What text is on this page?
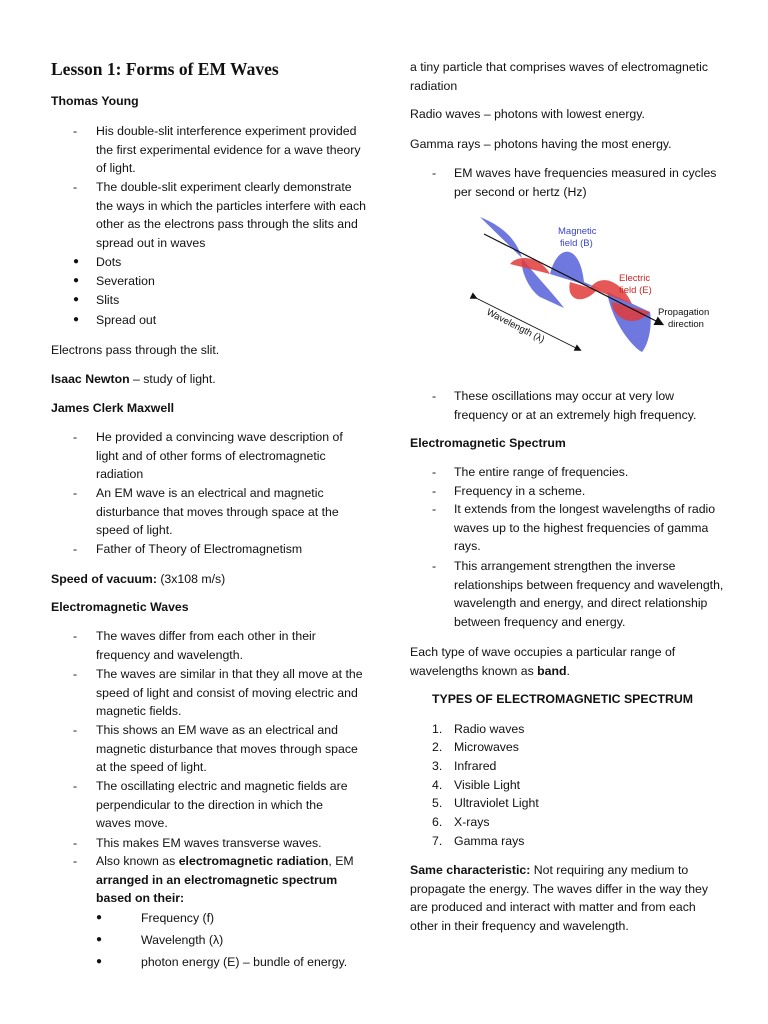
Lesson 1: Forms of EM Waves

Thomas Young

- His double-slit interference experiment provided the first experimental evidence for a wave theory of light.
- The double-slit experiment clearly demonstrate the ways in which the particles interfere with each other as the electrons pass through the slits and spread out in waves
● Dots
● Severation
● Slits
● Spread out

Electrons pass through the slit.

Isaac Newton – study of light.

James Clerk Maxwell

- He provided a convincing wave description of light and of other forms of electromagnetic radiation
- An EM wave is an electrical and magnetic disturbance that moves through space at the speed of light.
- Father of Theory of Electromagnetism

Speed of vacuum: (3x108 m/s)

Electromagnetic Waves

- The waves differ from each other in their frequency and wavelength.
- The waves are similar in that they all move at the speed of light and consist of moving electric and magnetic fields.
- This shows an EM wave as an electrical and magnetic disturbance that moves through space at the speed of light.
- The oscillating electric and magnetic fields are perpendicular to the direction in which the waves move.
- This makes EM waves transverse waves.
- Also known as electromagnetic radiation, EM arranged in an electromagnetic spectrum based on their:
●	Frequency (f)
●	Wavelength (λ)
●	photon energy (E) – bundle of energy.

a tiny particle that comprises waves of electromagnetic radiation

Radio waves – photons with lowest energy.

Gamma rays – photons having the most energy.

- EM waves have frequencies measured in cycles per second or hertz (Hz)
Wavelength (λ)
Magnetic
field (B)
Electric
field (E)
Propagation
direction
- These oscillations may occur at very low frequency or at an extremely high frequency.

Electromagnetic Spectrum

- The entire range of frequencies.
- Frequency in a scheme.
- It extends from the longest wavelengths of radio waves up to the highest frequencies of gamma rays.
- This arrangement strengthen the inverse relationships between frequency and wavelength, wavelength and energy, and direct relationship between frequency and energy.

Each type of wave occupies a particular range of wavelengths known as band.

TYPES OF ELECTROMAGNETIC SPECTRUM

1. Radio waves
2. Microwaves
3. Infrared
4. Visible Light
5. Ultraviolet Light
6. X-rays
7. Gamma rays

Same characteristic: Not requiring any medium to propagate the energy. The waves differ in the way they are produced and interact with matter and from each other in their frequency and wavelength.
